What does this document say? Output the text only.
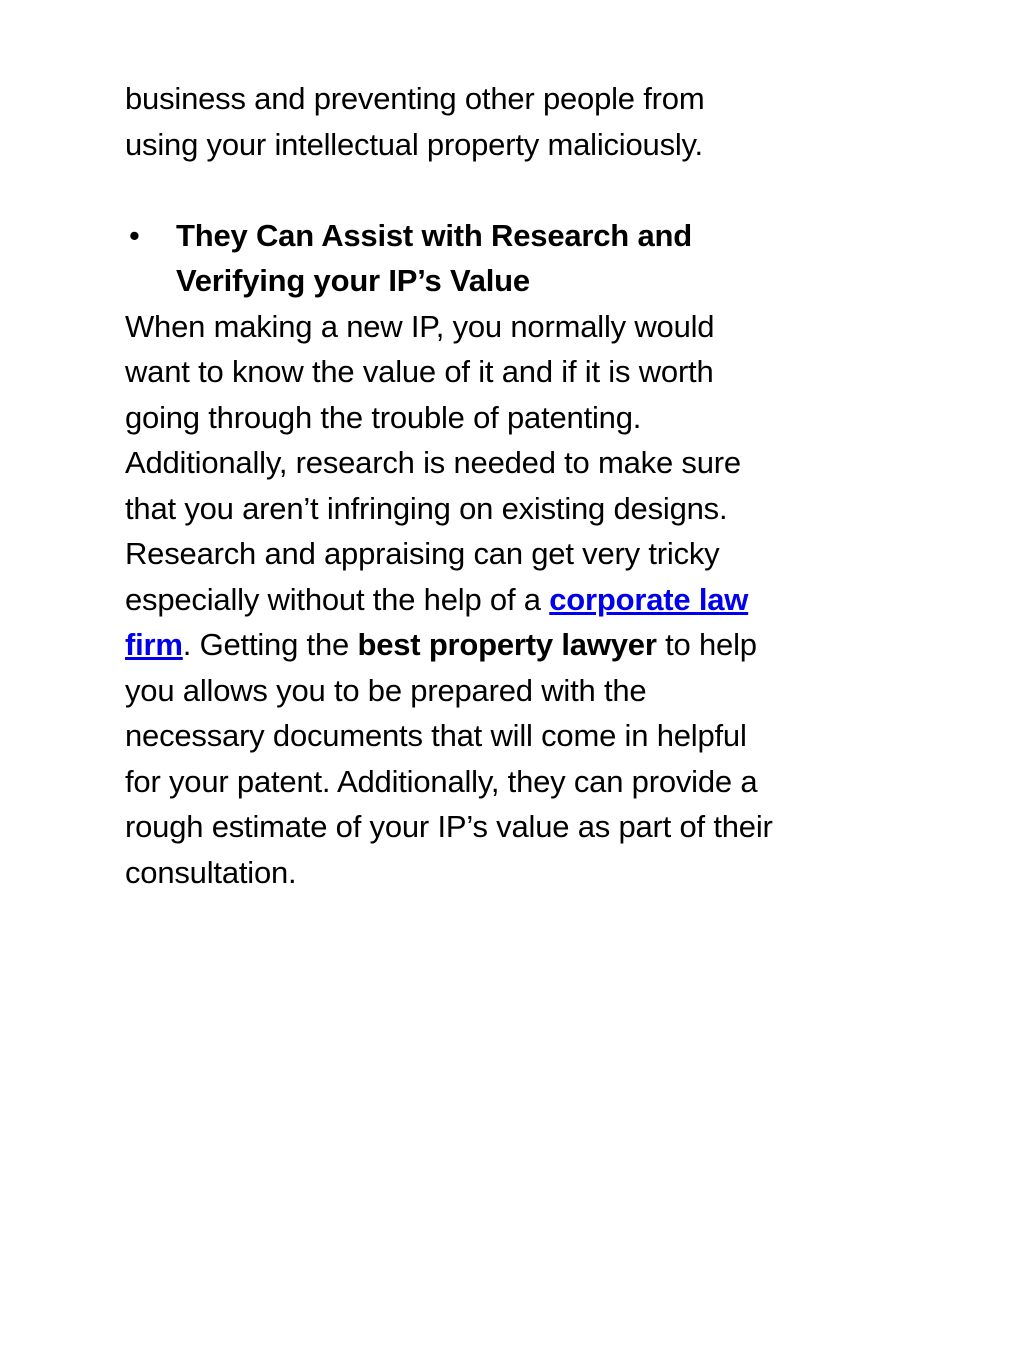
business and preventing other people from
using your intellectual property maliciously.
• They Can Assist with Research and
Verifying your IP’s Value
When making a new IP, you normally would
want to know the value of it and if it is worth
going through the trouble of patenting.
Additionally, research is needed to make sure
that you aren’t infringing on existing designs.
Research and appraising can get very tricky
especially without the help of a corporate law
firm. Getting the best property lawyer to help
you allows you to be prepared with the
necessary documents that will come in helpful
for your patent. Additionally, they can provide a
rough estimate of your IP’s value as part of their
consultation.
